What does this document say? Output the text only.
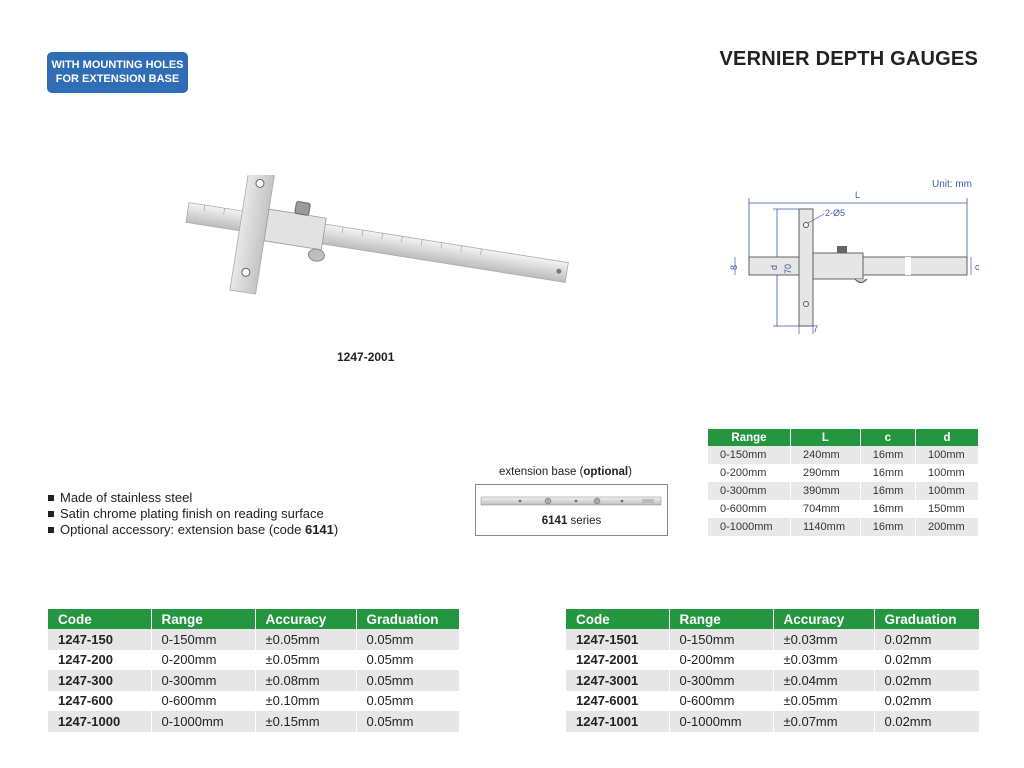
WITH MOUNTING HOLES
FOR EXTENSION BASE
VERNIER DEPTH GAUGES
1247-2001
Unit: mm
L
2-Ø5
8	d 70	c
7
Range	L	c	d
0-150mm	240mm	16mm	100mm
0-200mm	290mm	16mm	100mm
0-300mm	390mm	16mm	100mm
0-600mm	704mm	16mm	150mm
0-1000mm	1140mm	16mm	200mm
Made of stainless steel
Satin chrome plating finish on reading surface
Optional accessory: extension base (code 6141)
extension base (optional)
6141 series
Code	Range	Accuracy	Graduation
1247-150	0-150mm	±0.05mm	0.05mm
1247-200	0-200mm	±0.05mm	0.05mm
1247-300	0-300mm	±0.08mm	0.05mm
1247-600	0-600mm	±0.10mm	0.05mm
1247-1000	0-1000mm	±0.15mm	0.05mm
Code	Range	Accuracy	Graduation
1247-1501	0-150mm	±0.03mm	0.02mm
1247-2001	0-200mm	±0.03mm	0.02mm
1247-3001	0-300mm	±0.04mm	0.02mm
1247-6001	0-600mm	±0.05mm	0.02mm
1247-1001	0-1000mm	±0.07mm	0.02mm
